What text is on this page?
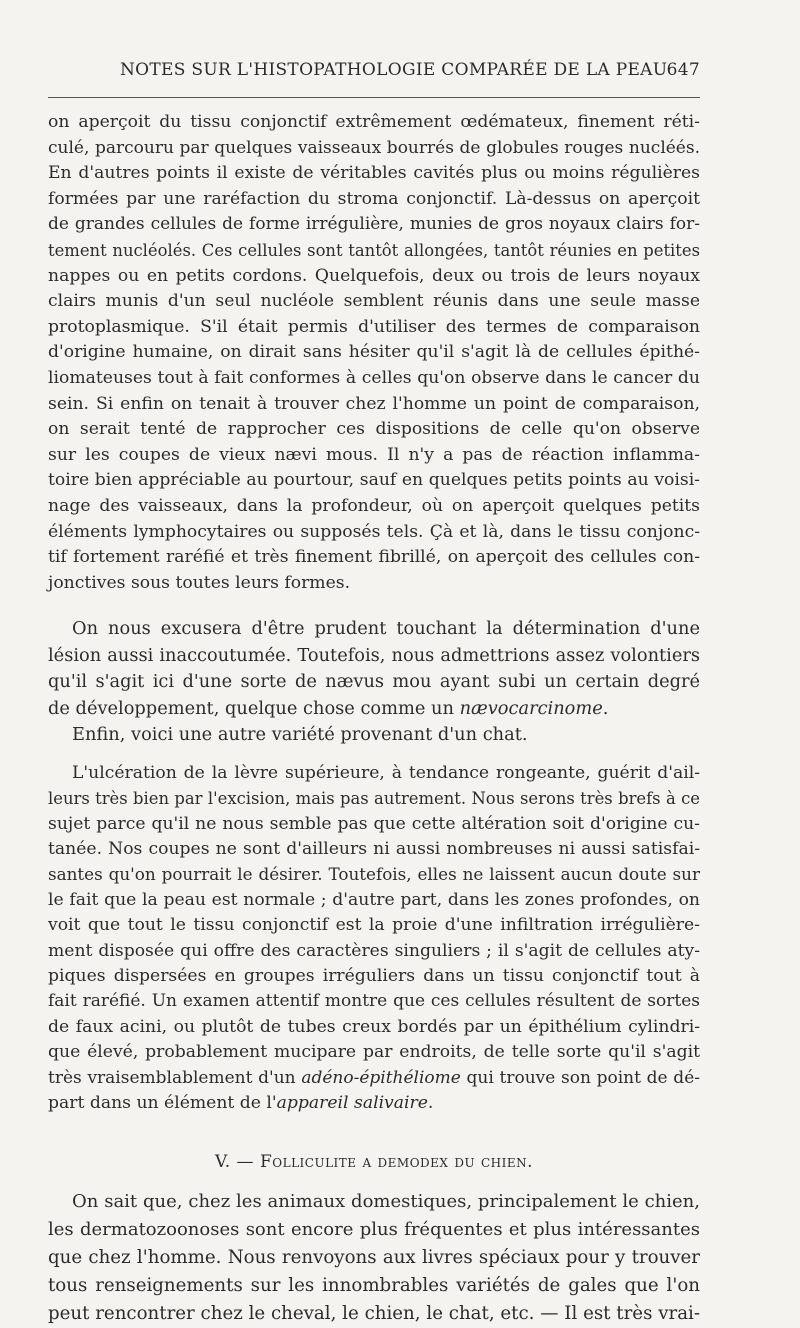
NOTES SUR L'HISTOPATHOLOGIE COMPARÉE DE LA PEAU 647

on aperçoit du tissu conjonctif extrêmement œdémateux, finement réti-
culé, parcouru par quelques vaisseaux bourrés de globules rouges nucléés.
En d'autres points il existe de véritables cavités plus ou moins régulières
formées par une raréfaction du stroma conjonctif. Là-dessus on aperçoit
de grandes cellules de forme irrégulière, munies de gros noyaux clairs for-
tement nucléolés. Ces cellules sont tantôt allongées, tantôt réunies en petites
nappes ou en petits cordons. Quelquefois, deux ou trois de leurs noyaux
clairs munis d'un seul nucléole semblent réunis dans une seule masse
protoplasmique. S'il était permis d'utiliser des termes de comparaison
d'origine humaine, on dirait sans hésiter qu'il s'agit là de cellules épithé-
liomateuses tout à fait conformes à celles qu'on observe dans le cancer du
sein. Si enfin on tenait à trouver chez l'homme un point de comparaison,
on serait tenté de rapprocher ces dispositions de celle qu'on observe
sur les coupes de vieux nævi mous. Il n'y a pas de réaction inflamma-
toire bien appréciable au pourtour, sauf en quelques petits points au voisi-
nage des vaisseaux, dans la profondeur, où on aperçoit quelques petits
éléments lymphocytaires ou supposés tels. Çà et là, dans le tissu conjonc-
tif fortement raréfié et très finement fibrillé, on aperçoit des cellules con-
jonctives sous toutes leurs formes.

On nous excusera d'être prudent touchant la détermination d'une
lésion aussi inaccoutumée. Toutefois, nous admettrions assez volontiers
qu'il s'agit ici d'une sorte de nævus mou ayant subi un certain degré
de développement, quelque chose comme un nævocarcinome.

Enfin, voici une autre variété provenant d'un chat.

L'ulcération de la lèvre supérieure, à tendance rongeante, guérit d'ail-
leurs très bien par l'excision, mais pas autrement. Nous serons très brefs à ce
sujet parce qu'il ne nous semble pas que cette altération soit d'origine cu-
tanée. Nos coupes ne sont d'ailleurs ni aussi nombreuses ni aussi satisfai-
santes qu'on pourrait le désirer. Toutefois, elles ne laissent aucun doute sur
le fait que la peau est normale ; d'autre part, dans les zones profondes, on
voit que tout le tissu conjonctif est la proie d'une infiltration irrégulière-
ment disposée qui offre des caractères singuliers ; il s'agit de cellules aty-
piques dispersées en groupes irréguliers dans un tissu conjonctif tout à
fait raréfié. Un examen attentif montre que ces cellules résultent de sortes
de faux acini, ou plutôt de tubes creux bordés par un épithélium cylindri-
que élevé, probablement mucipare par endroits, de telle sorte qu'il s'agit
très vraisemblablement d'un adéno-épithéliome qui trouve son point de dé-
part dans un élément de l'appareil salivaire.

V. — Folliculite a demodex du chien.

On sait que, chez les animaux domestiques, principalement le chien,
les dermatozoonoses sont encore plus fréquentes et plus intéressantes
que chez l'homme. Nous renvoyons aux livres spéciaux pour y trouver
tous renseignements sur les innombrables variétés de gales que l'on
peut rencontrer chez le cheval, le chien, le chat, etc. — Il est très vrai-
